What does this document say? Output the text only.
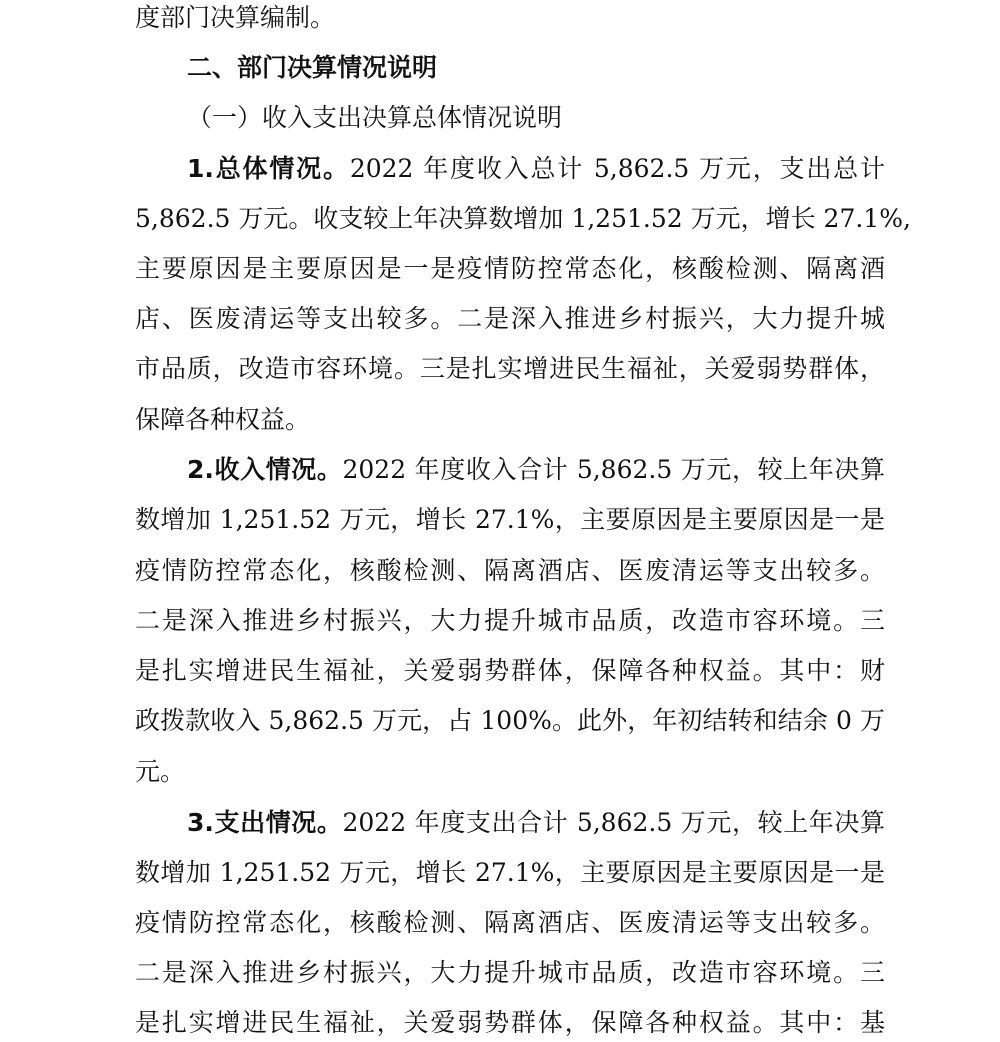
度部门决算编制。
二、部门决算情况说明
（一）收入支出决算总体情况说明
1.总体情况。2022 年度收入总计 5,862.5 万元，支出总计
5,862.5 万元。收支较上年决算数增加 1,251.52 万元，增长 27.1%,
主要原因是主要原因是一是疫情防控常态化，核酸检测、隔离酒
店、医废清运等支出较多。二是深入推进乡村振兴，大力提升城
市品质，改造市容环境。三是扎实增进民生福祉，关爱弱势群体，
保障各种权益。
2.收入情况。2022 年度收入合计 5,862.5 万元，较上年决算
数增加 1,251.52 万元，增长 27.1%，主要原因是主要原因是一是
疫情防控常态化，核酸检测、隔离酒店、医废清运等支出较多。
二是深入推进乡村振兴，大力提升城市品质，改造市容环境。三
是扎实增进民生福祉，关爱弱势群体，保障各种权益。其中：财
政拨款收入 5,862.5 万元，占 100%。此外，年初结转和结余 0 万
元。
3.支出情况。2022 年度支出合计 5,862.5 万元，较上年决算
数增加 1,251.52 万元，增长 27.1%，主要原因是主要原因是一是
疫情防控常态化，核酸检测、隔离酒店、医废清运等支出较多。
二是深入推进乡村振兴，大力提升城市品质，改造市容环境。三
是扎实增进民生福祉，关爱弱势群体，保障各种权益。其中：基
